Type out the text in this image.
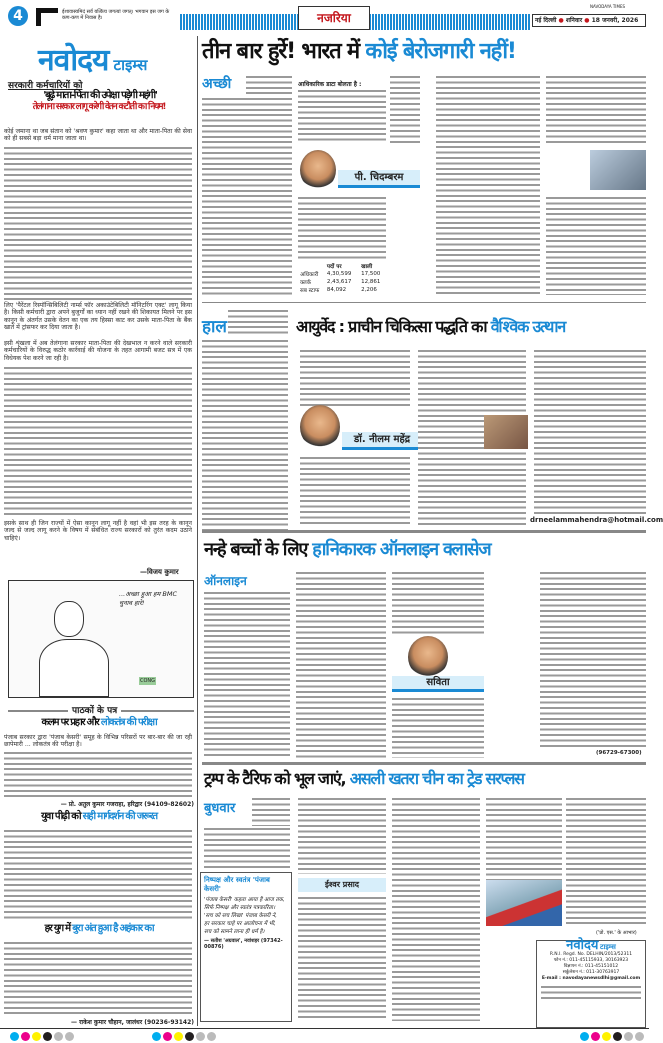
4	ईशावास्यमिदं सर्वं यत्किंच जगत्यां जगत्। भगवान इस जग के कण-कण में निवास है।	नजरिया
NAVODAYA TIMES
नई दिल्ली ● शनिवार ● 18 जनवरी, 2026
नवोदय टाइम्स
सरकारी कर्मचारियों को
'बूढ़े माता-पिता की उपेक्षा पड़ेगी महंगी'
तेलंगाना सरकार लागू करेगी वेतन कटौती का नियम!
कोई जमाना था जब संतान को 'श्रवण कुमार' कहा जाता था और माता-पिता की सेवा को ही सबसे बड़ा धर्म माना जाता था।
लिए 'पैरेंटल रिस्पॉन्सिबिलिटी नार्म्स फॉर अकाउंटेबिलिटी मॉनिटरिंग एक्ट' लागू किया है। किसी कर्मचारी द्वारा अपने बुजुर्गों का ध्यान नहीं रखने की शिकायत मिलने पर इस कानून के अंतर्गत उसके वेतन का एक तय हिस्सा काट कर उसके माता-पिता के बैंक खाते में ट्रांसफर कर दिया जाता है।
इसी शृंखला में अब तेलंगाना सरकार माता-पिता की देखभाल न करने वाले सरकारी कर्मचारियों के विरुद्ध कठोर कार्रवाई की योजना के तहत आगामी बजट सत्र में एक विधेयक पेश करने जा रही है।
इसके साथ ही जिन राज्यों में ऐसा कानून लागू नहीं है वहां भी इस तरह के कानून जल्द से जल्द लागू करने के विषय में संबंधित राज्य सरकारों को तुरंत कदम उठाने चाहिएं।
—विजय कुमार
...अच्छा हुआ हम BMC चुनाव हारे!
CONG
पाठकों के पत्र
कलम पर प्रहार और लोकतंत्र की परीक्षा
पंजाब सरकार द्वारा 'पंजाब केसरी' समूह के विभिन्न परिसरों पर बार-बार की जा रही छापेमारी ... लोकतंत्र की परीक्षा है।
— प्रो. अतुल कुमार गजराहा, हरिद्वार (94109-82602)
युवा पीढ़ी को सही मार्गदर्शन की जरूरत
हर युग में बुरा अंत हुआ है अहंकार का
— राकेश कुमार चौहान, जालंधर (90236-93142)
तीन बार हुर्रे! भारत में कोई बेरोजगारी नहीं!
अच्छी	आधिकारिक डाटा बोलता है :
पी. चिदम्बरम
	पदों पर	खाली
अधिकारी	4,30,599	17,500
क्लर्क	2,43,617	12,861
सब स्टाफ	84,092	2,206
हाल	आयुर्वेद : प्राचीन चिकित्सा पद्धति का वैश्विक उत्थान
डॉ. नीलम महेंद्र
drneelammahendra@hotmail.com
नन्हे बच्चों के लिए हानिकारक ऑनलाइन क्लासेज
ऑनलाइन
सविता
(96729-67300)
ट्रम्प के टैरिफ को भूल जाएं, असली खतरा चीन का ट्रेड सरप्लस
बुधवार
निष्पक्ष और स्वतंत्र 'पंजाब केसरी'
'पंजाब केसरी' कहता आया है आज तक,
सिर्फ निष्पक्ष और स्वतंत्र पत्रकारिता।
'सच को सच लिखा' पंजाब केसरी ने,
हर सरकार चाहे पर आलोचना में भी,
सच को सामने लाना ही धर्म है।
— सतीश 'अग्रवाल', नवांशहर (97342-00876)
ईश्वर प्रसाद
('प्रो. एस.' के आभार)
नवोदय टाइम्स
R.N.I. Regd. No. DELHIN/2013/52311
फोन नं.: 011-45115933, 30163923
विज्ञापन नं.: 011-45151012
सर्कुलेशन नं.: 011-30763917
E-mail : navodayanewsdlhi@gmail.com
